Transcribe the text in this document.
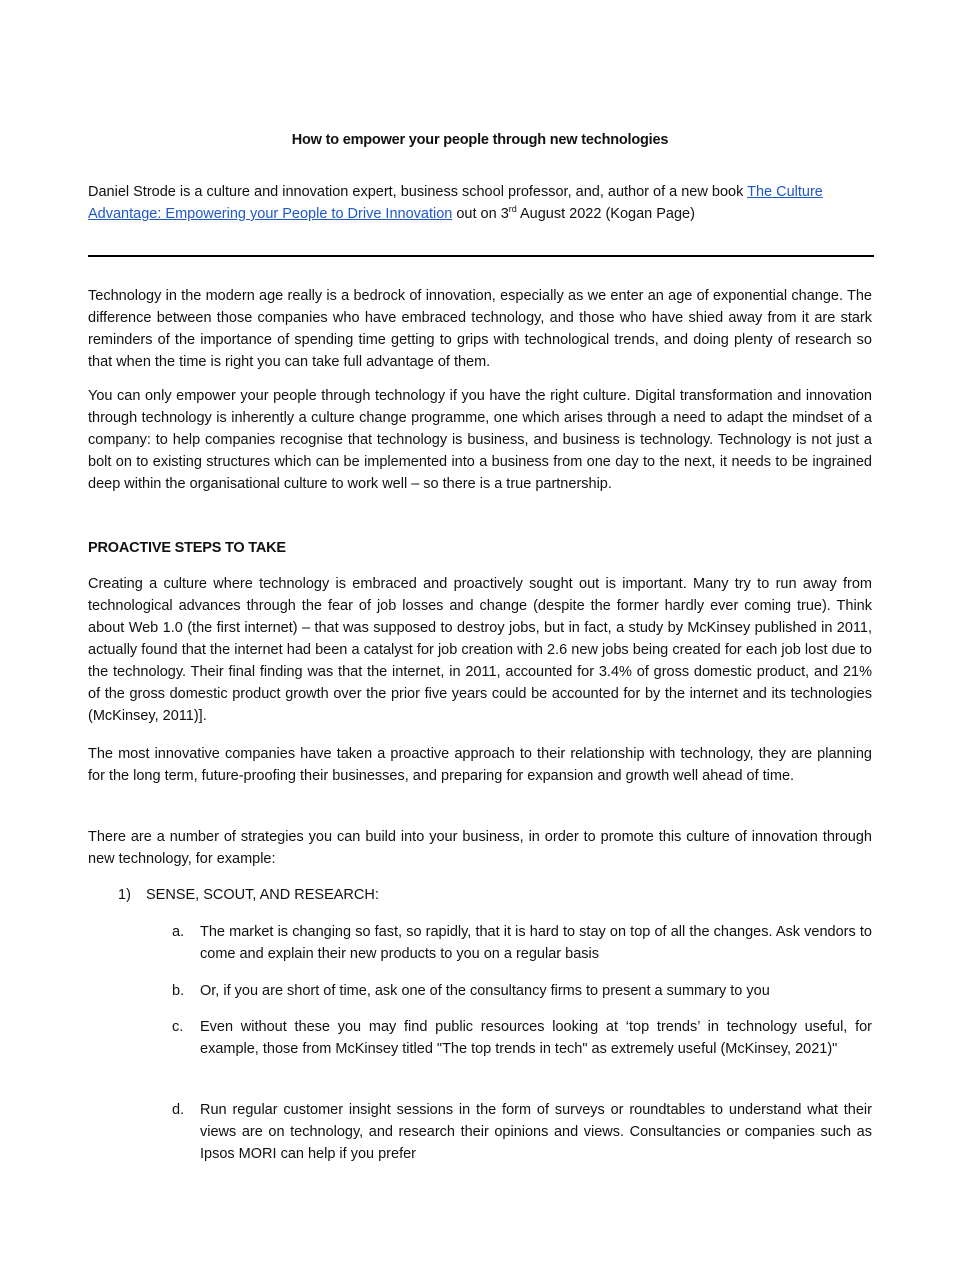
How to empower your people through new technologies
Daniel Strode is a culture and innovation expert, business school professor, and, author of a new book The Culture Advantage: Empowering your People to Drive Innovation out on 3rd August 2022 (Kogan Page)
Technology in the modern age really is a bedrock of innovation, especially as we enter an age of exponential change. The difference between those companies who have embraced technology, and those who have shied away from it are stark reminders of the importance of spending time getting to grips with technological trends, and doing plenty of research so that when the time is right you can take full advantage of them.
You can only empower your people through technology if you have the right culture. Digital transformation and innovation through technology is inherently a culture change programme, one which arises through a need to adapt the mindset of a company: to help companies recognise that technology is business, and business is technology. Technology is not just a bolt on to existing structures which can be implemented into a business from one day to the next, it needs to be ingrained deep within the organisational culture to work well – so there is a true partnership.
PROACTIVE STEPS TO TAKE
Creating a culture where technology is embraced and proactively sought out is important. Many try to run away from technological advances through the fear of job losses and change (despite the former hardly ever coming true). Think about Web 1.0 (the first internet) – that was supposed to destroy jobs, but in fact, a study by McKinsey published in 2011, actually found that the internet had been a catalyst for job creation with 2.6 new jobs being created for each job lost due to the technology. Their final finding was that the internet, in 2011, accounted for 3.4% of gross domestic product, and 21% of the gross domestic product growth over the prior five years could be accounted for by the internet and its technologies (McKinsey, 2011)].
The most innovative companies have taken a proactive approach to their relationship with technology, they are planning for the long term, future-proofing their businesses, and preparing for expansion and growth well ahead of time.
There are a number of strategies you can build into your business, in order to promote this culture of innovation through new technology, for example:
1) SENSE, SCOUT, AND RESEARCH:
a. The market is changing so fast, so rapidly, that it is hard to stay on top of all the changes. Ask vendors to come and explain their new products to you on a regular basis
b. Or, if you are short of time, ask one of the consultancy firms to present a summary to you
c. Even without these you may find public resources looking at ‘top trends’ in technology useful, for example, those from McKinsey titled "The top trends in tech" as extremely useful (McKinsey, 2021)"
d. Run regular customer insight sessions in the form of surveys or roundtables to understand what their views are on technology, and research their opinions and views. Consultancies or companies such as Ipsos MORI can help if you prefer
